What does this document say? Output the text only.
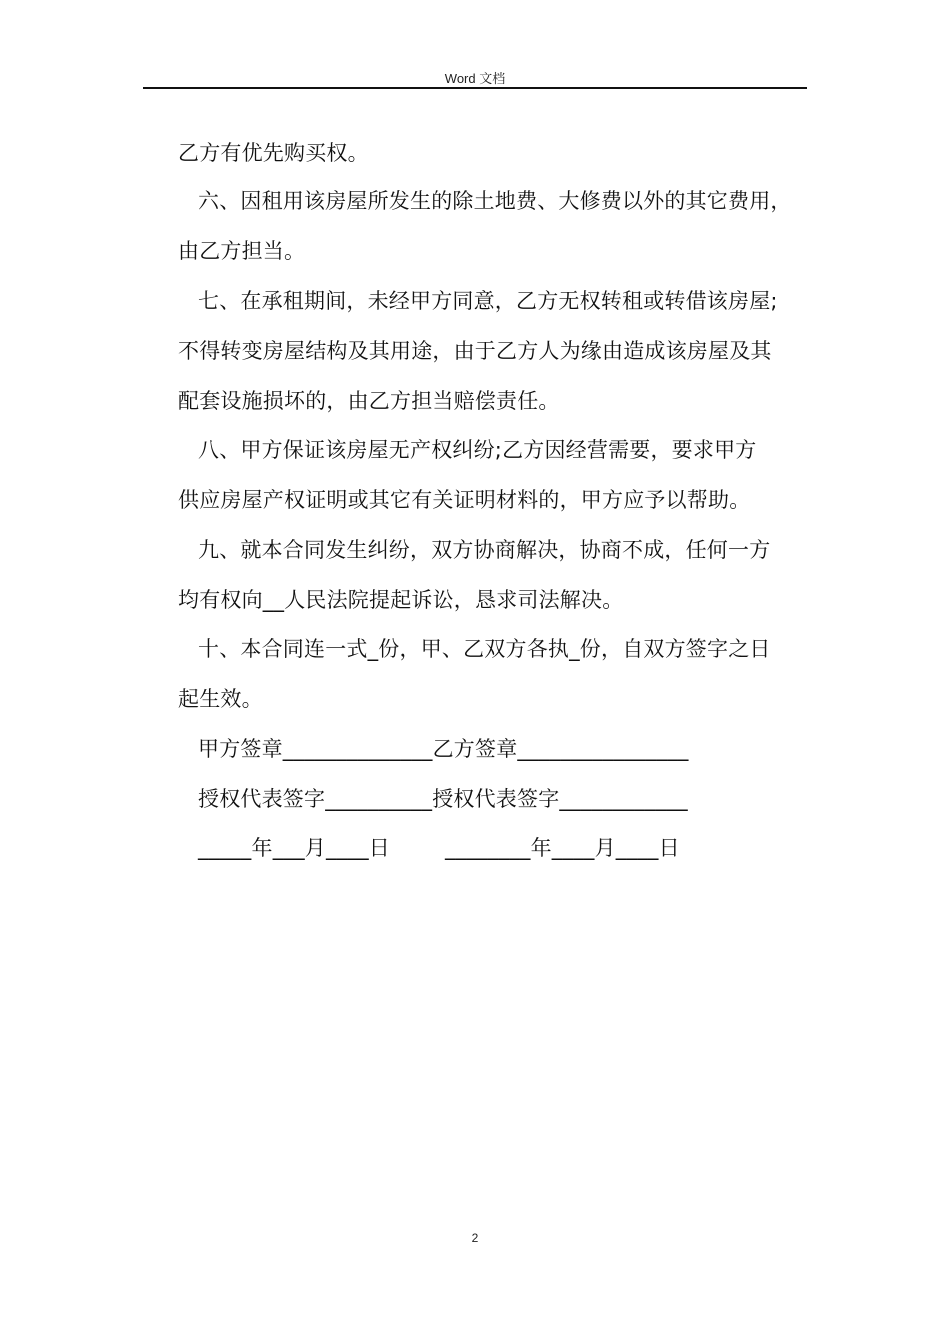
Word 文档
乙方有优先购买权。
六、因租用该房屋所发生的除土地费、大修费以外的其它费用，
由乙方担当。
七、在承租期间，未经甲方同意，乙方无权转租或转借该房屋;
不得转变房屋结构及其用途，由于乙方人为缘由造成该房屋及其
配套设施损坏的，由乙方担当赔偿责任。
八、甲方保证该房屋无产权纠纷;乙方因经营需要，要求甲方
供应房屋产权证明或其它有关证明材料的，甲方应予以帮助。
九、就本合同发生纠纷，双方协商解决，协商不成，任何一方
均有权向__人民法院提起诉讼，恳求司法解决。
十、本合同连一式_份，甲、乙双方各执_份，自双方签字之日
起生效。
甲方签章______________乙方签章________________
授权代表签字__________授权代表签字____________
_____年___月____日        ________年____月____日
2
